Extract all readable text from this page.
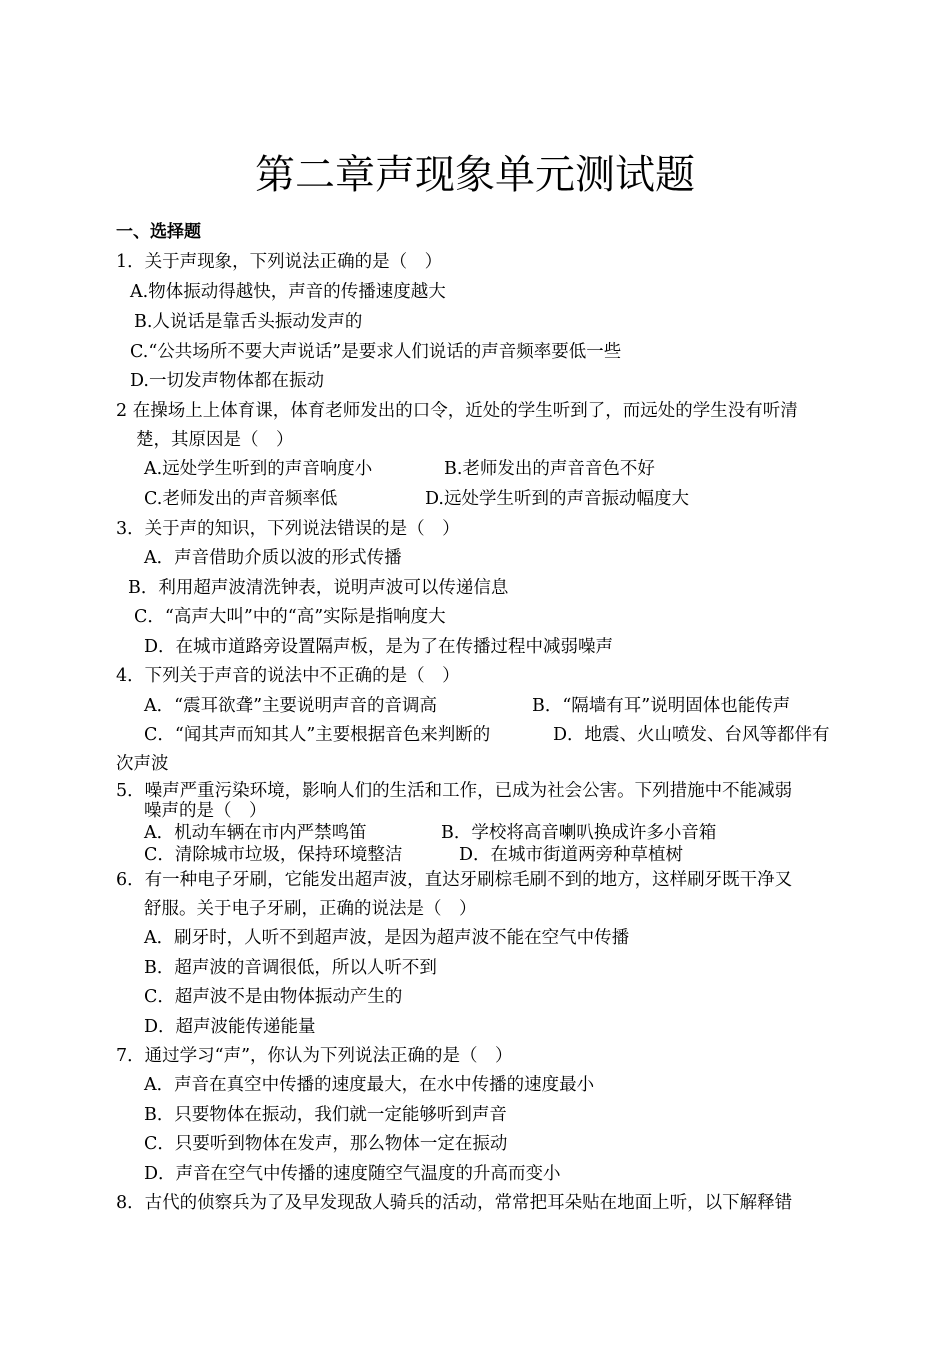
第二章声现象单元测试题
一、选择题
1．关于声现象，下列说法正确的是（　）
A.物体振动得越快，声音的传播速度越大
B.人说话是靠舌头振动发声的
C.“公共场所不要大声说话”是要求人们说话的声音频率要低一些
D.一切发声物体都在振动
2 在操场上上体育课，体育老师发出的口令，近处的学生听到了，而远处的学生没有听清
楚，其原因是（　）
A.远处学生听到的声音响度小	B.老师发出的声音音色不好
C.老师发出的声音频率低	D.远处学生听到的声音振动幅度大
3．关于声的知识，下列说法错误的是（　）
A．声音借助介质以波的形式传播
B．利用超声波清洗钟表，说明声波可以传递信息
C．“高声大叫”中的“高”实际是指响度大
D．在城市道路旁设置隔声板，是为了在传播过程中减弱噪声
4．下列关于声音的说法中不正确的是（　）
A．“震耳欲聋”主要说明声音的音调高	B．“隔墙有耳”说明固体也能传声
C．“闻其声而知其人”主要根据音色来判断的	D．地震、火山喷发、台风等都伴有
次声波
5．噪声严重污染环境，影响人们的生活和工作，已成为社会公害。下列措施中不能减弱
噪声的是（　）
A．机动车辆在市内严禁鸣笛	B．学校将高音喇叭换成许多小音箱
C．清除城市垃圾，保持环境整洁	D．在城市街道两旁种草植树
6．有一种电子牙刷，它能发出超声波，直达牙刷棕毛刷不到的地方，这样刷牙既干净又
舒服。关于电子牙刷，正确的说法是（　）
A．刷牙时，人听不到超声波，是因为超声波不能在空气中传播
B．超声波的音调很低，所以人听不到
C．超声波不是由物体振动产生的
D．超声波能传递能量
7．通过学习“声”，你认为下列说法正确的是（　）
A．声音在真空中传播的速度最大，在水中传播的速度最小
B．只要物体在振动，我们就一定能够听到声音
C．只要听到物体在发声，那么物体一定在振动
D．声音在空气中传播的速度随空气温度的升高而变小
8．古代的侦察兵为了及早发现敌人骑兵的活动，常常把耳朵贴在地面上听，以下解释错
